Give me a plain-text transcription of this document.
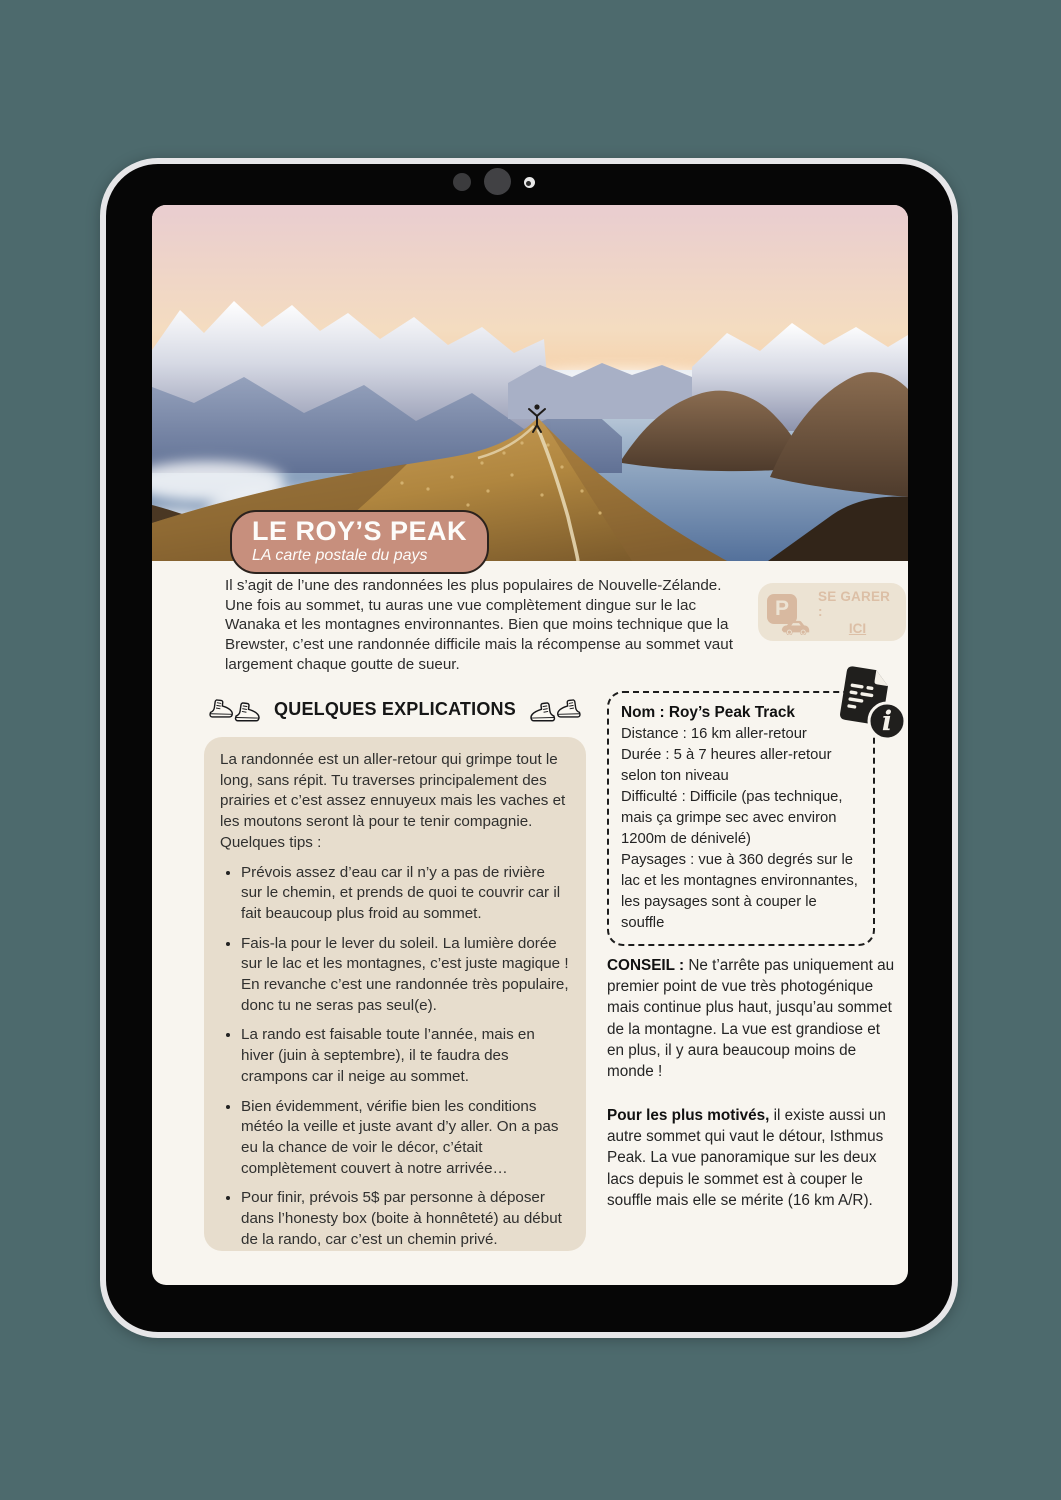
LE ROY’S PEAK
LA carte postale du pays

Il s’agit de l’une des randonnées les plus populaires de Nouvelle-Zélande. Une fois au sommet, tu auras une vue complètement dingue sur le lac Wanaka et les montagnes environnantes. Bien que moins technique que la Brewster, c’est une randonnée difficile mais la récompense au sommet vaut largement chaque goutte de sueur.

P
SE GARER :
ICI
QUELQUES EXPLICATIONS

La randonnée est un aller-retour qui grimpe tout le long, sans répit. Tu traverses principalement des prairies et c’est assez ennuyeux mais les vaches et les moutons seront là pour te tenir compagnie. Quelques tips :

• Prévois assez d’eau car il n’y a pas de rivière sur le chemin, et prends de quoi te couvrir car il fait beaucoup plus froid au sommet.
• Fais-la pour le lever du soleil. La lumière dorée sur le lac et les montagnes, c’est juste magique ! En revanche c’est une randonnée très populaire, donc tu ne seras pas seul(e).
• La rando est faisable toute l’année, mais en hiver (juin à septembre), il te faudra des crampons car il neige au sommet.
• Bien évidemment, vérifie bien les conditions météo la veille et juste avant d’y aller. On a pas eu la chance de voir le décor, c’était complètement couvert à notre arrivée…
• Pour finir, prévois 5$ par personne à déposer dans l’honesty box (boite à honnêteté) au début de la rando, car c’est un chemin privé.
Nom : Roy’s Peak Track
Distance : 16 km aller-retour
Durée : 5 à 7 heures aller-retour selon ton niveau
Difficulté : Difficile (pas technique, mais ça grimpe sec avec environ 1200m de dénivelé)
Paysages : vue à 360 degrés sur le lac et les montagnes environnantes, les paysages sont à couper le souffle
i

CONSEIL : Ne t’arrête pas uniquement au premier point de vue très photogénique mais continue plus haut, jusqu’au sommet de la montagne. La vue est grandiose et en plus, il y aura beaucoup moins de monde !

Pour les plus motivés, il existe aussi un autre sommet qui vaut le détour, Isthmus Peak. La vue panoramique sur les deux lacs depuis le sommet est à couper le souffle mais elle se mérite (16 km A/R).
